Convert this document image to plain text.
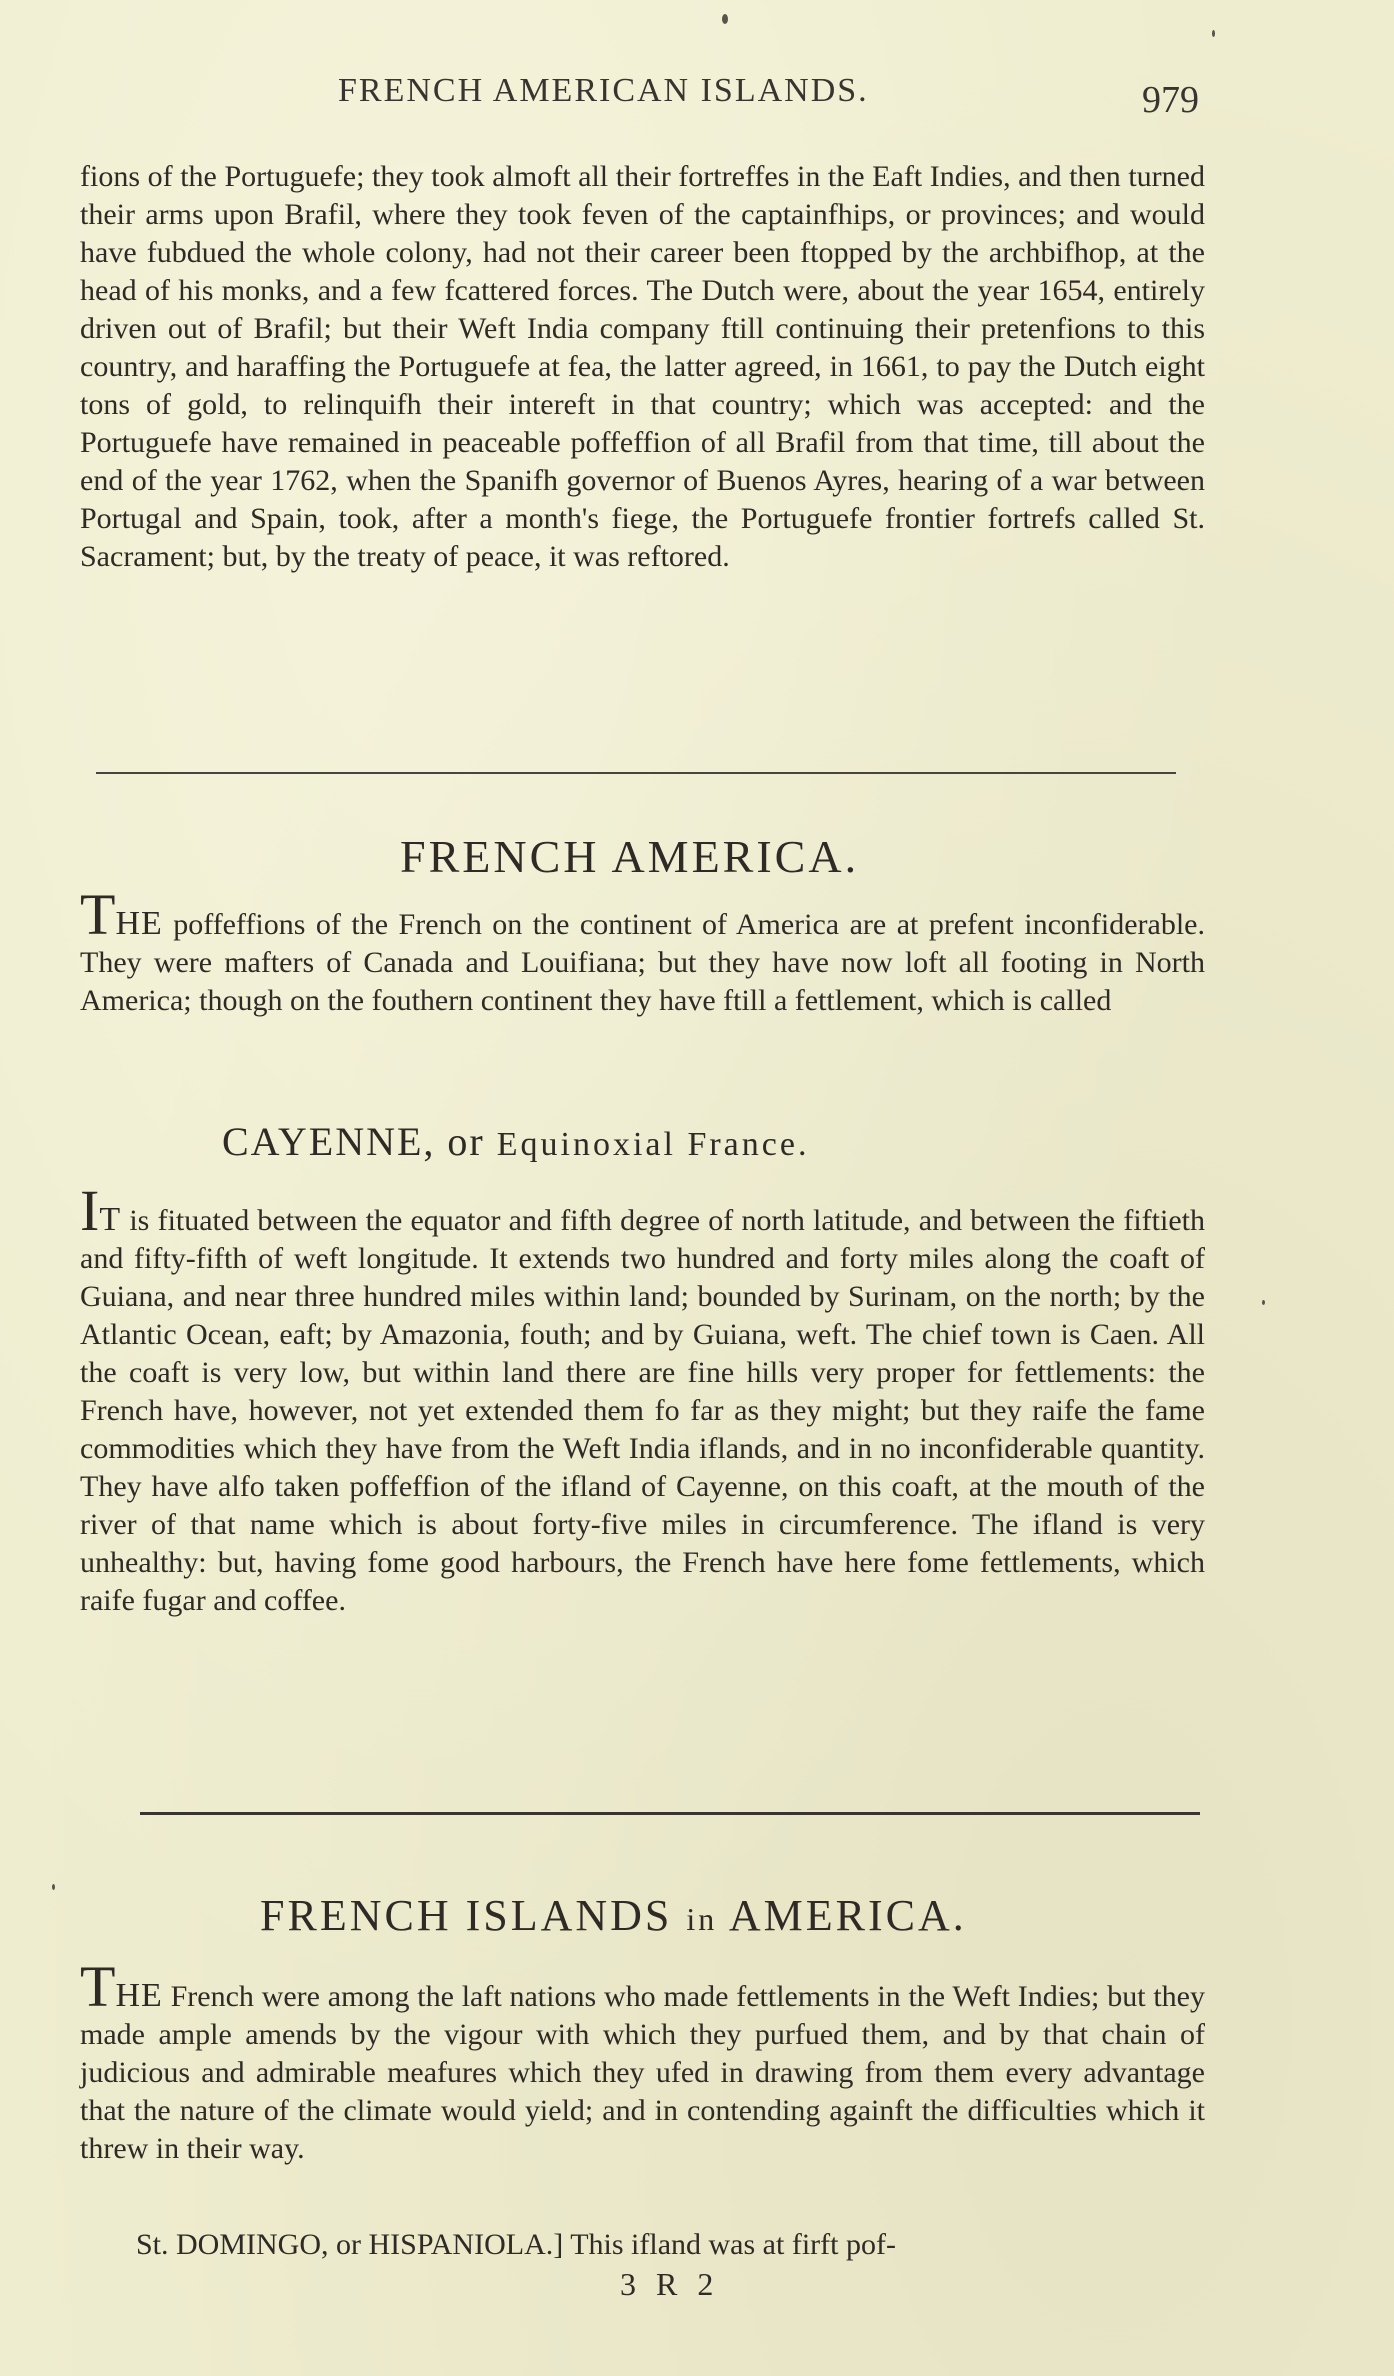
FRENCH AMERICAN ISLANDS.	979

fions of the Portuguefe; they took almoft all their fortreffes in the Eaft Indies, and then turned their arms upon Brafil, where they took feven of the captainfhips, or provinces; and would have fubdued the whole colony, had not their career been ftopped by the archbifhop, at the head of his monks, and a few fcattered forces. The Dutch were, about the year 1654, entirely driven out of Brafil; but their Weft India company ftill continuing their pretenfions to this country, and haraffing the Portuguefe at fea, the latter agreed, in 1661, to pay the Dutch eight tons of gold, to relinquifh their intereft in that country; which was accepted: and the Portuguefe have remained in peaceable poffeffion of all Brafil from that time, till about the end of the year 1762, when the Spanifh governor of Buenos Ayres, hearing of a war between Portugal and Spain, took, after a month's fiege, the Portuguefe frontier fortrefs called St. Sacrament; but, by the treaty of peace, it was reftored.

FRENCH AMERICA.

THE poffeffions of the French on the continent of America are at prefent inconfiderable. They were mafters of Canada and Louifiana; but they have now loft all footing in North America; though on the fouthern continent they have ftill a fettlement, which is called

CAYENNE, or Equinoxial France.

IT is fituated between the equator and fifth degree of north latitude, and between the fiftieth and fifty-fifth of weft longitude. It extends two hundred and forty miles along the coaft of Guiana, and near three hundred miles within land; bounded by Surinam, on the north; by the Atlantic Ocean, eaft; by Amazonia, fouth; and by Guiana, weft. The chief town is Caen. All the coaft is very low, but within land there are fine hills very proper for fettlements: the French have, however, not yet extended them fo far as they might; but they raife the fame commodities which they have from the Weft India iflands, and in no inconfiderable quantity. They have alfo taken poffeffion of the ifland of Cayenne, on this coaft, at the mouth of the river of that name which is about forty-five miles in circumference. The ifland is very unhealthy: but, having fome good harbours, the French have here fome fettlements, which raife fugar and coffee.

FRENCH ISLANDS in AMERICA.

THE French were among the laft nations who made fettlements in the Weft Indies; but they made ample amends by the vigour with which they purfued them, and by that chain of judicious and admirable meafures which they ufed in drawing from them every advantage that the nature of the climate would yield; and in contending againft the difficulties which it threw in their way.

St. DOMINGO, or HISPANIOLA.] This ifland was at firft pof-
3 R 2
